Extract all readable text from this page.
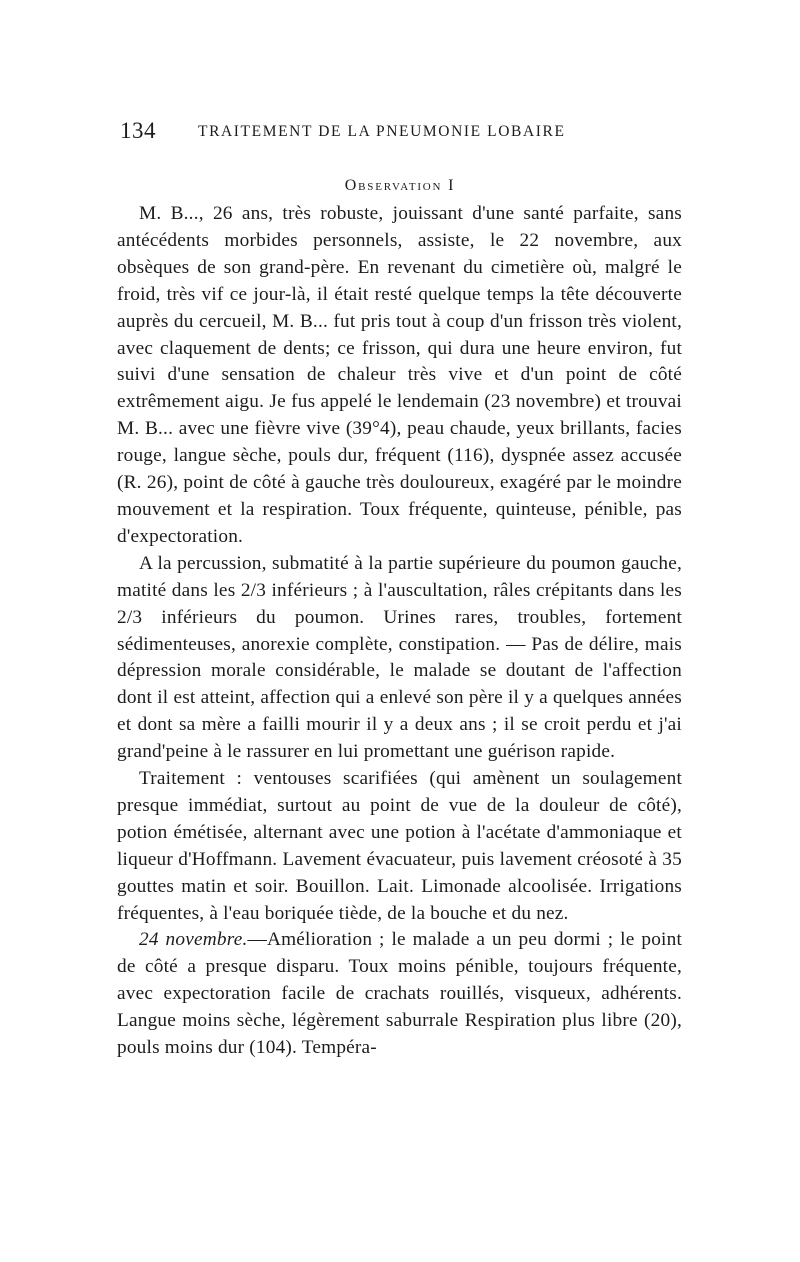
134	TRAITEMENT DE LA PNEUMONIE LOBAIRE
Observation I

M. B..., 26 ans, très robuste, jouissant d'une santé parfaite, sans antécédents morbides personnels, assiste, le 22 novembre, aux obsèques de son grand-père. En revenant du cimetière où, malgré le froid, très vif ce jour-là, il était resté quelque temps la tête découverte auprès du cercueil, M. B... fut pris tout à coup d'un frisson très violent, avec claquement de dents; ce frisson, qui dura une heure environ, fut suivi d'une sensation de chaleur très vive et d'un point de côté extrêmement aigu. Je fus appelé le lendemain (23 novembre) et trouvai M. B... avec une fièvre vive (39°4), peau chaude, yeux brillants, facies rouge, langue sèche, pouls dur, fréquent (116), dyspnée assez accusée (R. 26), point de côté à gauche très douloureux, exagéré par le moindre mouvement et la respiration. Toux fréquente, quinteuse, pénible, pas d'expectoration.

A la percussion, submatité à la partie supérieure du poumon gauche, matité dans les 2/3 inférieurs ; à l'auscultation, râles crépitants dans les 2/3 inférieurs du poumon. Urines rares, troubles, fortement sédimenteuses, anorexie complète, constipation. — Pas de délire, mais dépression morale considérable, le malade se doutant de l'affection dont il est atteint, affection qui a enlevé son père il y a quelques années et dont sa mère a failli mourir il y a deux ans ; il se croit perdu et j'ai grand'peine à le rassurer en lui promettant une guérison rapide.

Traitement : ventouses scarifiées (qui amènent un soulagement presque immédiat, surtout au point de vue de la douleur de côté), potion émétisée, alternant avec une potion à l'acétate d'ammoniaque et liqueur d'Hoffmann. Lavement évacuateur, puis lavement créosoté à 35 gouttes matin et soir. Bouillon. Lait. Limonade alcoolisée. Irrigations fréquentes, à l'eau boriquée tiède, de la bouche et du nez.

24 novembre.—Amélioration ; le malade a un peu dormi ; le point de côté a presque disparu. Toux moins pénible, toujours fréquente, avec expectoration facile de crachats rouillés, visqueux, adhérents. Langue moins sèche, légèrement saburrale Respiration plus libre (20), pouls moins dur (104). Tempéra-
